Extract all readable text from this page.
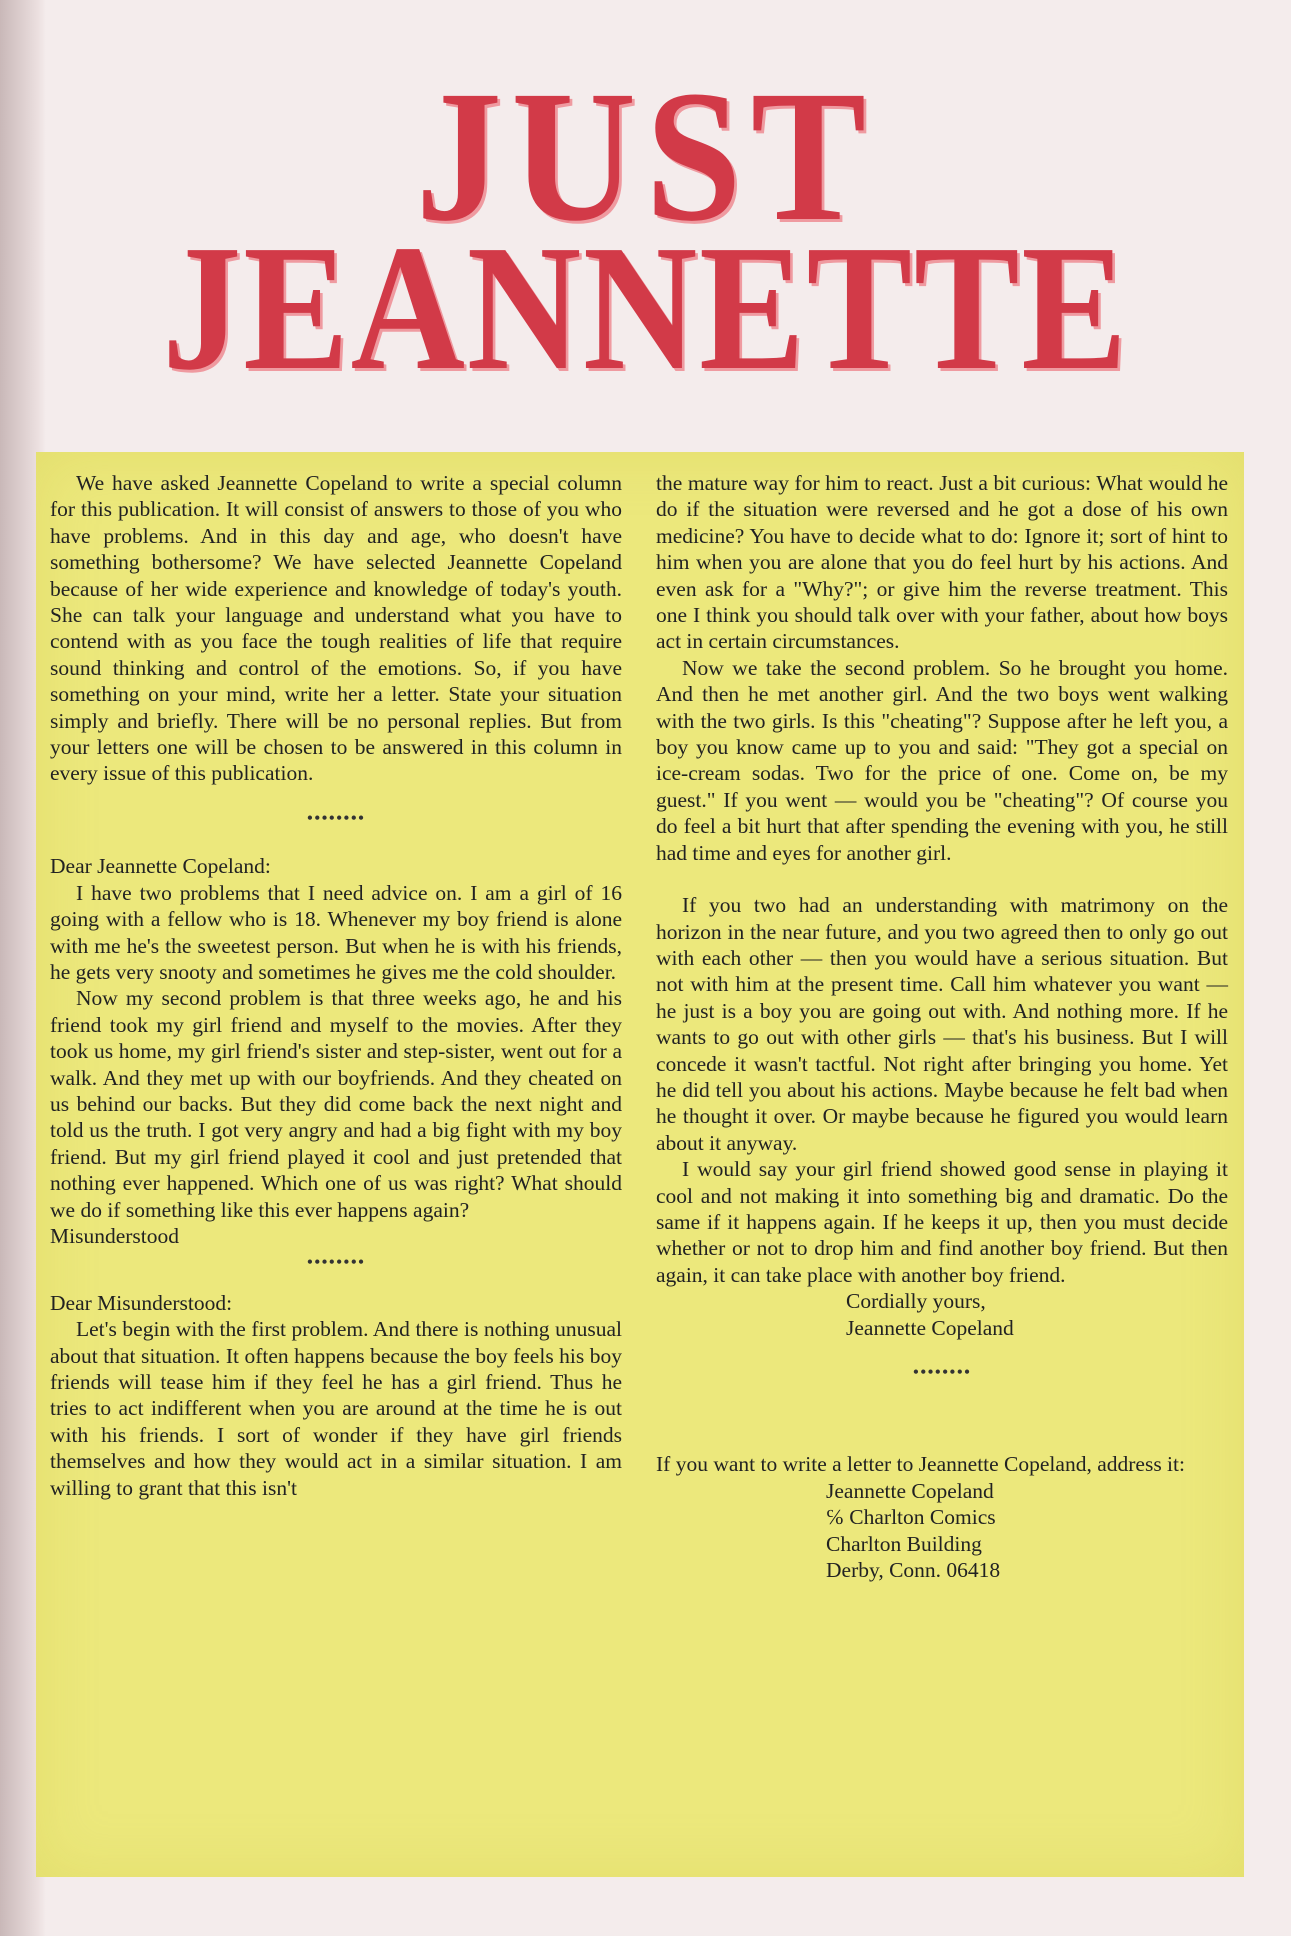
JUST
JEANNETTE

We have asked Jeannette Copeland to write a special column for this publication. It will consist of answers to those of you who have problems. And in this day and age, who doesn't have something bothersome? We have selected Jeannette Copeland because of her wide experience and knowledge of today's youth. She can talk your language and understand what you have to contend with as you face the tough realities of life that require sound thinking and control of the emotions. So, if you have something on your mind, write her a letter. State your situation simply and briefly. There will be no personal replies. But from your letters one will be chosen to be answered in this column in every issue of this publication.

••••••••

Dear Jeannette Copeland:

I have two problems that I need advice on. I am a girl of 16 going with a fellow who is 18. Whenever my boy friend is alone with me he's the sweetest person. But when he is with his friends, he gets very snooty and sometimes he gives me the cold shoulder.

Now my second problem is that three weeks ago, he and his friend took my girl friend and myself to the movies. After they took us home, my girl friend's sister and step-sister, went out for a walk. And they met up with our boyfriends. And they cheated on us behind our backs. But they did come back the next night and told us the truth. I got very angry and had a big fight with my boy friend. But my girl friend played it cool and just pretended that nothing ever happened. Which one of us was right? What should we do if something like this ever happens again?

Misunderstood

••••••••

Dear Misunderstood:

Let's begin with the first problem. And there is nothing unusual about that situation. It often happens because the boy feels his boy friends will tease him if they feel he has a girl friend. Thus he tries to act indifferent when you are around at the time he is out with his friends. I sort of wonder if they have girl friends themselves and how they would act in a similar situation. I am willing to grant that this isn't

the mature way for him to react. Just a bit curious: What would he do if the situation were reversed and he got a dose of his own medicine? You have to decide what to do: Ignore it; sort of hint to him when you are alone that you do feel hurt by his actions. And even ask for a "Why?"; or give him the reverse treatment. This one I think you should talk over with your father, about how boys act in certain circumstances.

Now we take the second problem. So he brought you home. And then he met another girl. And the two boys went walking with the two girls. Is this "cheating"? Suppose after he left you, a boy you know came up to you and said: "They got a special on ice-cream sodas. Two for the price of one. Come on, be my guest." If you went — would you be "cheating"? Of course you do feel a bit hurt that after spending the evening with you, he still had time and eyes for another girl.

If you two had an understanding with matrimony on the horizon in the near future, and you two agreed then to only go out with each other — then you would have a serious situation. But not with him at the present time. Call him whatever you want — he just is a boy you are going out with. And nothing more. If he wants to go out with other girls — that's his business. But I will concede it wasn't tactful. Not right after bringing you home. Yet he did tell you about his actions. Maybe because he felt bad when he thought it over. Or maybe because he figured you would learn about it anyway.

I would say your girl friend showed good sense in playing it cool and not making it into something big and dramatic. Do the same if it happens again. If he keeps it up, then you must decide whether or not to drop him and find another boy friend. But then again, it can take place with another boy friend.

Cordially yours,

Jeannette Copeland

••••••••

If you want to write a letter to Jeannette Copeland, address it:

Jeannette Copeland
℅ Charlton Comics
Charlton Building
Derby, Conn. 06418
